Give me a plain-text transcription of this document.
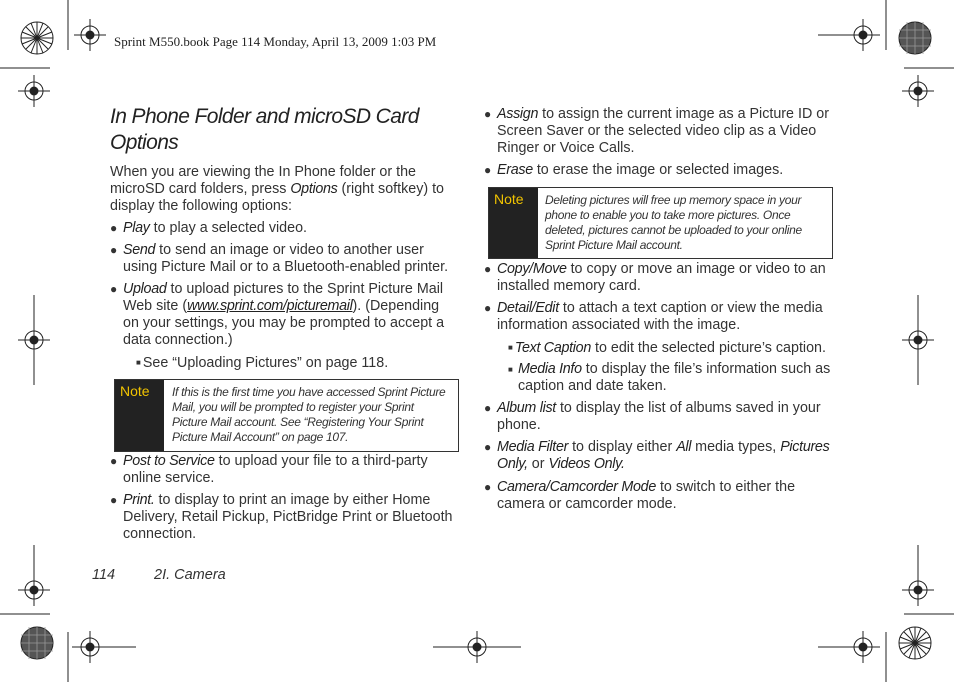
Sprint M550.book Page 114 Monday, April 13, 2009 1:03 PM
In Phone Folder and microSD Card Options
When you are viewing the In Phone folder or the microSD card folders, press Options (right softkey) to display the following options:
● Play to play a selected video.
● Send to send an image or video to another user using Picture Mail or to a Bluetooth-enabled printer.
● Upload to upload pictures to the Sprint Picture Mail Web site (www.sprint.com/picturemail). (Depending on your settings, you may be prompted to accept a data connection.)
■ See “Uploading Pictures” on page 118.
Note	If this is the first time you have accessed Sprint Picture Mail, you will be prompted to register your Sprint Picture Mail account. See “Registering Your Sprint Picture Mail Account” on page 107.
● Post to Service to upload your file to a third-party online service.
● Print. to display to print an image by either Home Delivery, Retail Pickup, PictBridge Print or Bluetooth connection.
● Assign to assign the current image as a Picture ID or Screen Saver or the selected video clip as a Video Ringer or Voice Calls.
● Erase to erase the image or selected images.
Note	Deleting pictures will free up memory space in your phone to enable you to take more pictures. Once deleted, pictures cannot be uploaded to your online Sprint Picture Mail account.
● Copy/Move to copy or move an image or video to an installed memory card.
● Detail/Edit to attach a text caption or view the media information associated with the image.
■ Text Caption to edit the selected picture’s caption.
■ Media Info to display the file’s information such as caption and date taken.
● Album list to display the list of albums saved in your phone.
● Media Filter to display either All media types, Pictures Only, or Videos Only.
● Camera/Camcorder Mode to switch to either the camera or camcorder mode.
114	2I. Camera
